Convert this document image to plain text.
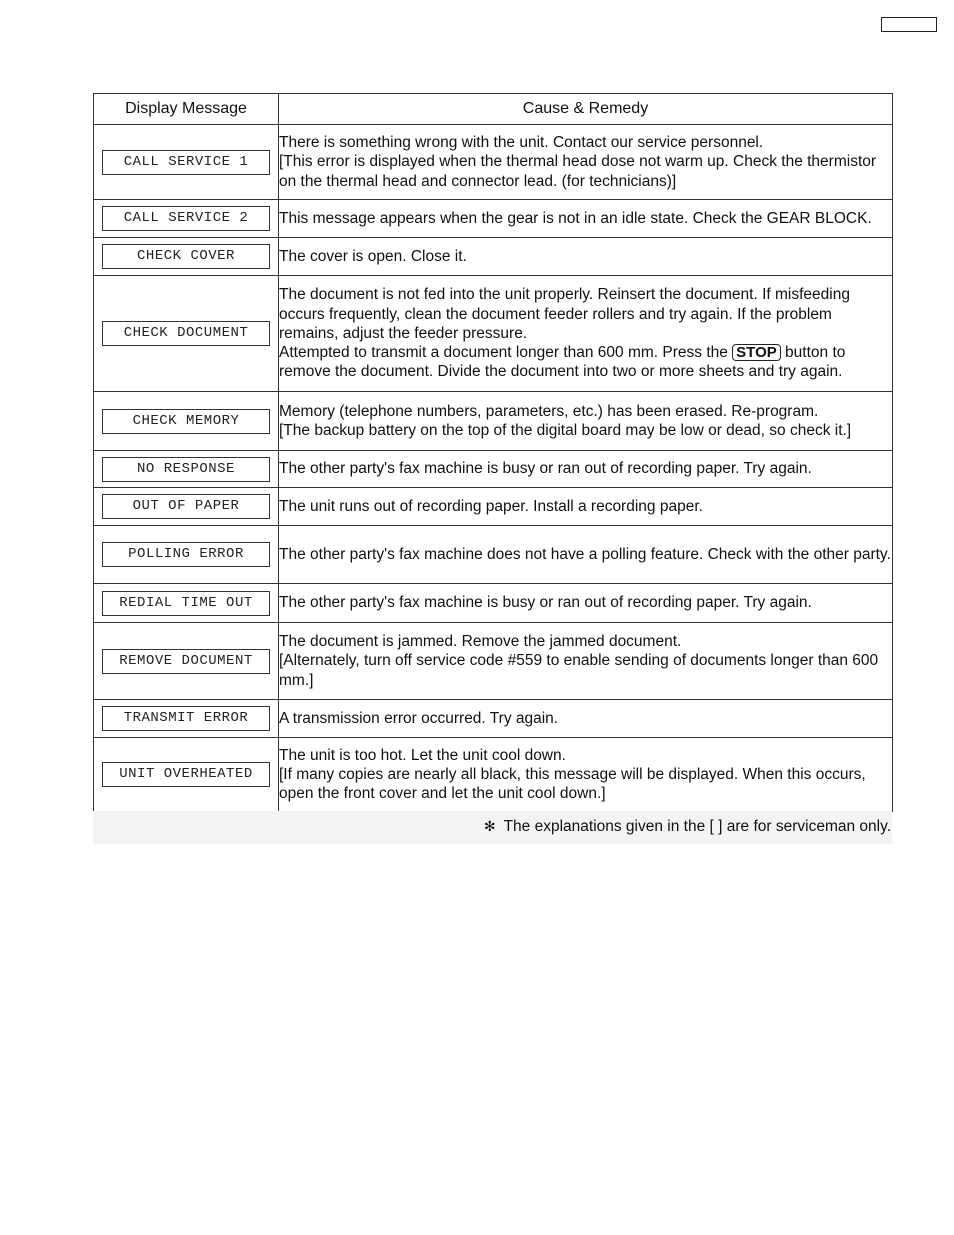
Display Message	Cause & Remedy
CALL SERVICE 1	There is something wrong with the unit. Contact our service personnel.
[This error is displayed when the thermal head dose not warm up. Check the thermistor on the thermal head and connector lead. (for technicians)]

CALL SERVICE 2	This message appears when the gear is not in an idle state. Check the GEAR BLOCK.

CHECK COVER	The cover is open. Close it.

CHECK DOCUMENT	The document is not fed into the unit properly. Reinsert the document. If misfeeding occurs frequently, clean the document feeder rollers and try again. If the problem remains, adjust the feeder pressure.
Attempted to transmit a document longer than 600 mm. Press the STOP button to remove the document. Divide the document into two or more sheets and try again.

CHECK MEMORY	Memory (telephone numbers, parameters, etc.) has been erased. Re-program.
[The backup battery on the top of the digital board may be low or dead, so check it.]

NO RESPONSE	The other party's fax machine is busy or ran out of recording paper. Try again.

OUT OF PAPER	The unit runs out of recording paper. Install a recording paper.

POLLING ERROR	The other party's fax machine does not have a polling feature. Check with the other party.

REDIAL TIME OUT	The other party's fax machine is busy or ran out of recording paper. Try again.

REMOVE DOCUMENT	The document is jammed. Remove the jammed document.
[Alternately, turn off service code #559 to enable sending of documents longer than 600 mm.]

TRANSMIT ERROR	A transmission error occurred. Try again.

UNIT OVERHEATED	The unit is too hot. Let the unit cool down.
[If many copies are nearly all black, this message will be displayed. When this occurs, open the front cover and let the unit cool down.]
✻ The explanations given in the [ ] are for serviceman only.
